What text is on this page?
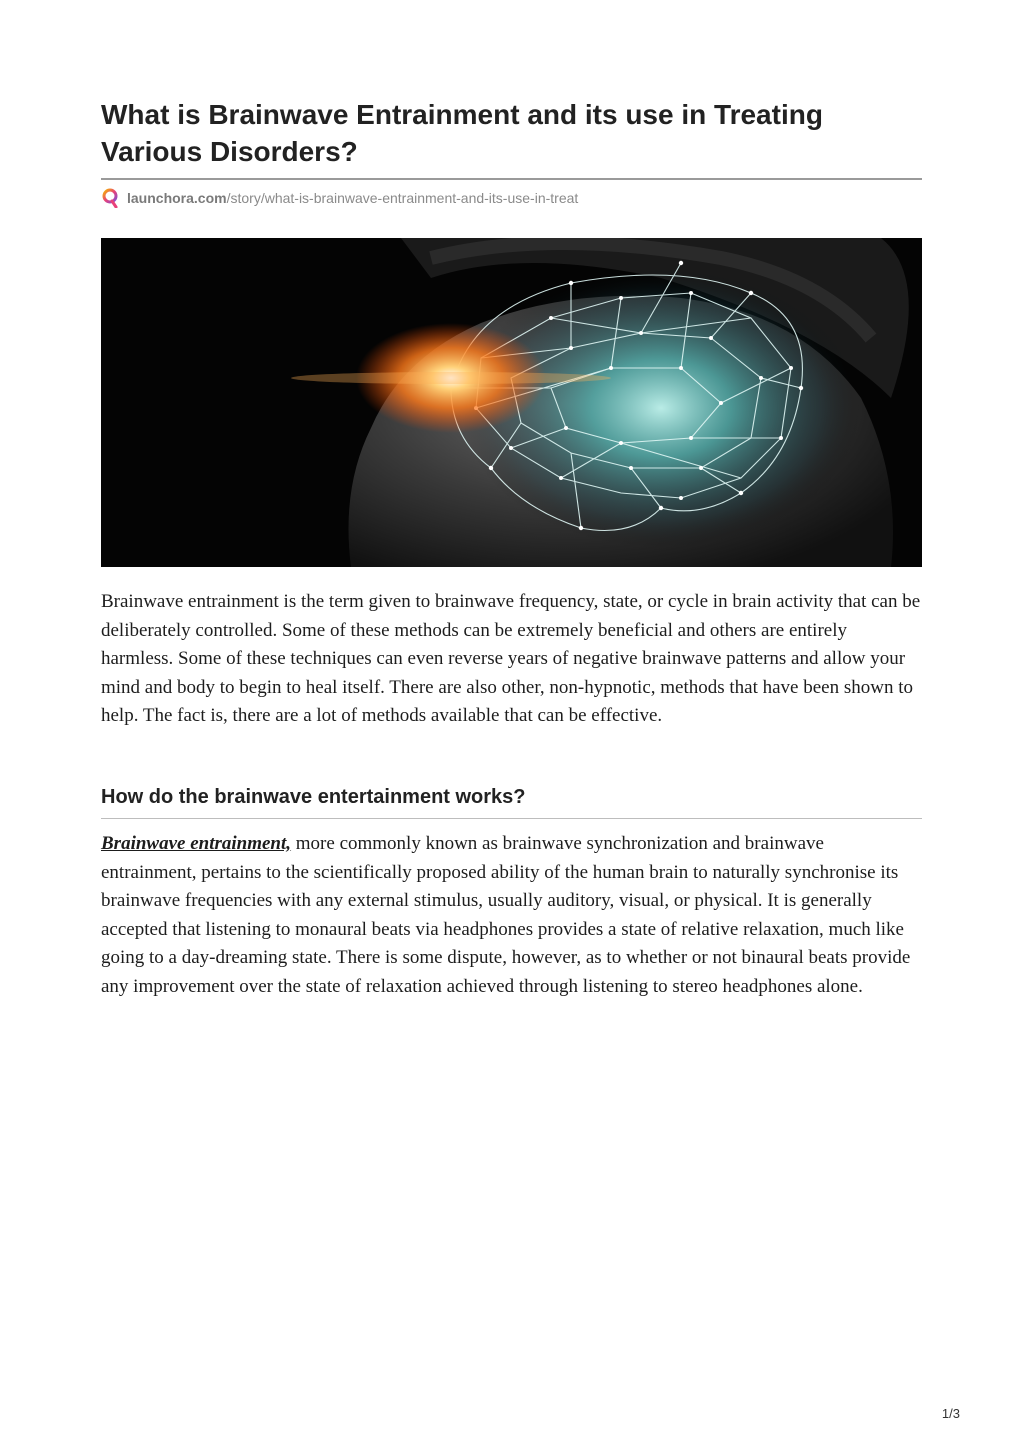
What is Brainwave Entrainment and its use in Treating Various Disorders?
launchora.com /story/what-is-brainwave-entrainment-and-its-use-in-treat

Brainwave entrainment is the term given to brainwave frequency, state, or cycle in brain activity that can be deliberately controlled. Some of these methods can be extremely beneficial and others are entirely harmless. Some of these techniques can even reverse years of negative brainwave patterns and allow your mind and body to begin to heal itself. There are also other, non-hypnotic, methods that have been shown to help. The fact is, there are a lot of methods available that can be effective.

How do the brainwave entertainment works?

Brainwave entrainment, more commonly known as brainwave synchronization and brainwave entrainment, pertains to the scientifically proposed ability of the human brain to naturally synchronise its brainwave frequencies with any external stimulus, usually auditory, visual, or physical. It is generally accepted that listening to monaural beats via headphones provides a state of relative relaxation, much like going to a day-dreaming state. There is some dispute, however, as to whether or not binaural beats provide any improvement over the state of relaxation achieved through listening to stereo headphones alone.

1/3
